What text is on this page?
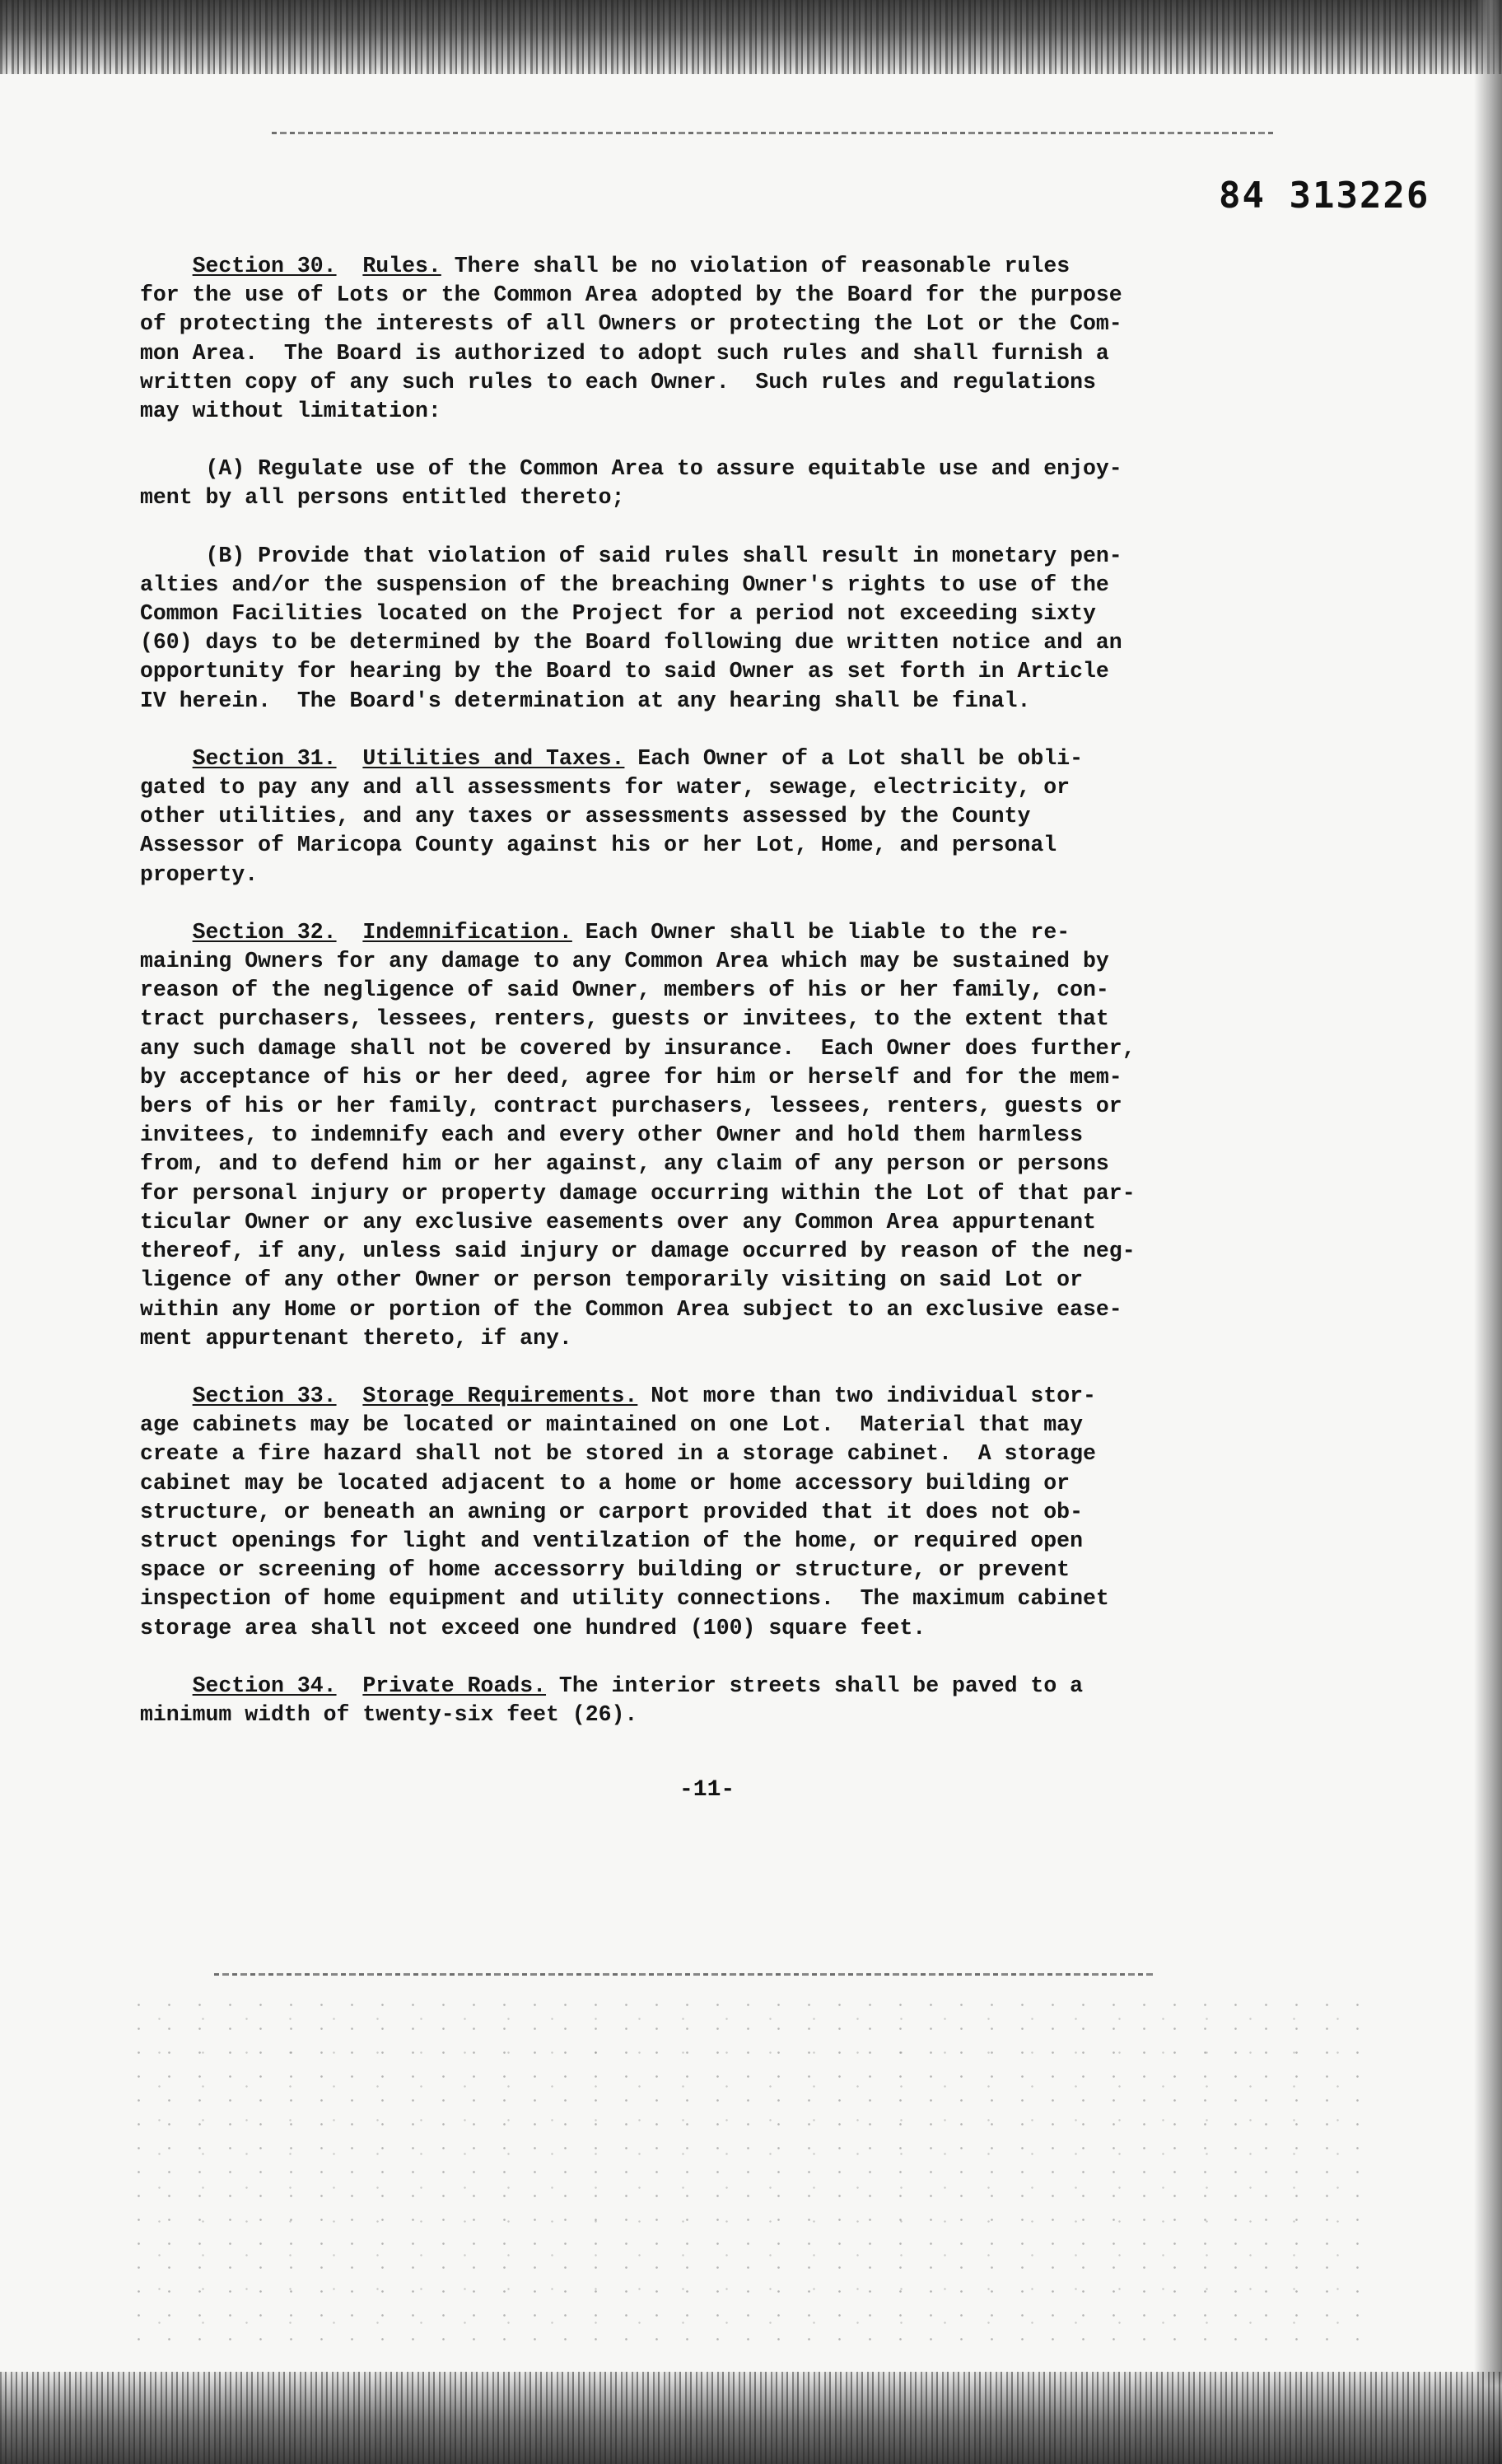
84 313226

Section 30. Rules. There shall be no violation of reasonable rules

for the use of Lots or the Common Area adopted by the Board for the purpose

of protecting the interests of all Owners or protecting the Lot or the Com-

mon Area.  The Board is authorized to adopt such rules and shall furnish a

written copy of any such rules to each Owner.  Such rules and regulations

may without limitation:

(A) Regulate use of the Common Area to assure equitable use and enjoy-

ment by all persons entitled thereto;

(B) Provide that violation of said rules shall result in monetary pen-

alties and/or the suspension of the breaching Owner's rights to use of the

Common Facilities located on the Project for a period not exceeding sixty

(60) days to be determined by the Board following due written notice and an

opportunity for hearing by the Board to said Owner as set forth in Article

IV herein.  The Board's determination at any hearing shall be final.

Section 31. Utilities and Taxes. Each Owner of a Lot shall be obli-

gated to pay any and all assessments for water, sewage, electricity, or

other utilities, and any taxes or assessments assessed by the County

Assessor of Maricopa County against his or her Lot, Home, and personal

property.

Section 32. Indemnification. Each Owner shall be liable to the re-

maining Owners for any damage to any Common Area which may be sustained by

reason of the negligence of said Owner, members of his or her family, con-

tract purchasers, lessees, renters, guests or invitees, to the extent that

any such damage shall not be covered by insurance.  Each Owner does further,

by acceptance of his or her deed, agree for him or herself and for the mem-

bers of his or her family, contract purchasers, lessees, renters, guests or

invitees, to indemnify each and every other Owner and hold them harmless

from, and to defend him or her against, any claim of any person or persons

for personal injury or property damage occurring within the Lot of that par-

ticular Owner or any exclusive easements over any Common Area appurtenant

thereof, if any, unless said injury or damage occurred by reason of the neg-

ligence of any other Owner or person temporarily visiting on said Lot or

within any Home or portion of the Common Area subject to an exclusive ease-

ment appurtenant thereto, if any.

Section 33. Storage Requirements. Not more than two individual stor-

age cabinets may be located or maintained on one Lot.  Material that may

create a fire hazard shall not be stored in a storage cabinet.  A storage

cabinet may be located adjacent to a home or home accessory building or

structure, or beneath an awning or carport provided that it does not ob-

struct openings for light and ventilzation of the home, or required open

space or screening of home accessorry building or structure, or prevent

inspection of home equipment and utility connections.  The maximum cabinet

storage area shall not exceed one hundred (100) square feet.

Section 34. Private Roads. The interior streets shall be paved to a

minimum width of twenty-six feet (26).

-11-
